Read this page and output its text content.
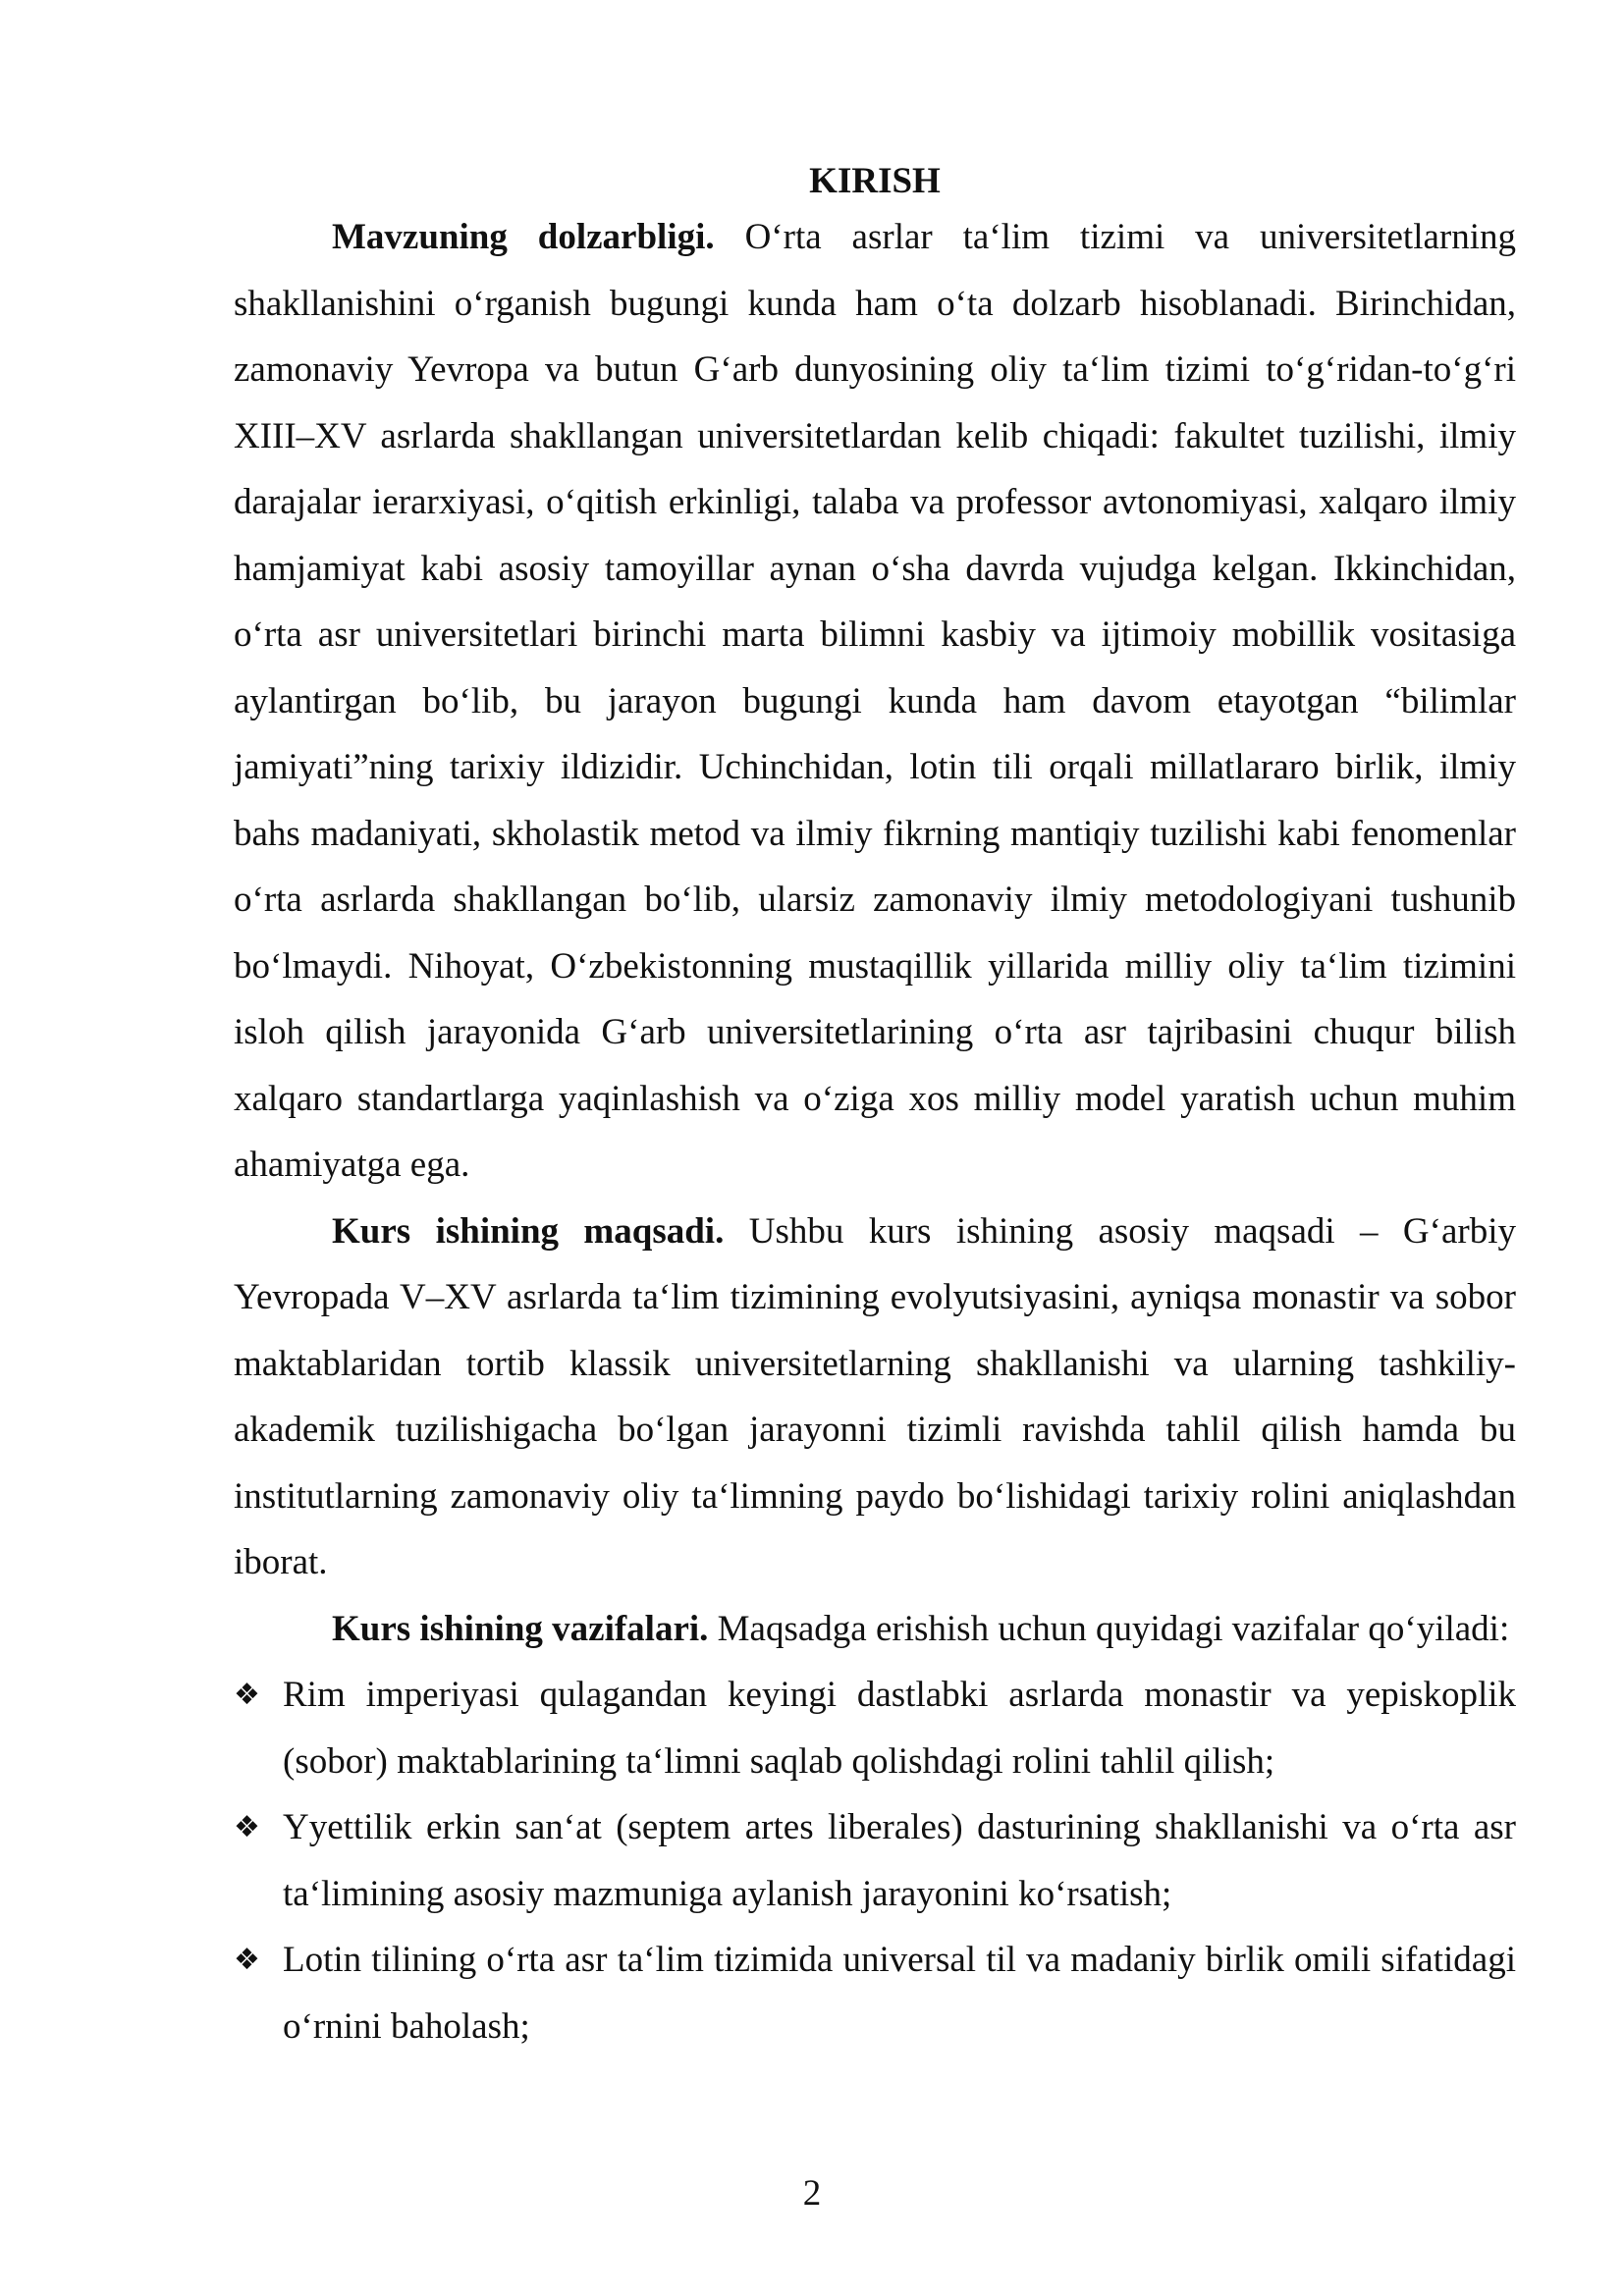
KIRISH

Mavzuning dolzarbligi. O‘rta asrlar ta‘lim tizimi va universitetlarning shakllanishini o‘rganish bugungi kunda ham o‘ta dolzarb hisoblanadi. Birinchidan, zamonaviy Yevropa va butun G‘arb dunyosining oliy ta‘lim tizimi to‘g‘ridan-to‘g‘ri XIII–XV asrlarda shakllangan universitetlardan kelib chiqadi: fakultet tuzilishi, ilmiy darajalar ierarxiyasi, o‘qitish erkinligi, talaba va professor avtonomiyasi, xalqaro ilmiy hamjamiyat kabi asosiy tamoyillar aynan o‘sha davrda vujudga kelgan. Ikkinchidan, o‘rta asr universitetlari birinchi marta bilimni kasbiy va ijtimoiy mobillik vositasiga aylantirgan bo‘lib, bu jarayon bugungi kunda ham davom etayotgan “bilimlar jamiyati”ning tarixiy ildizidir. Uchinchidan, lotin tili orqali millatlararo birlik, ilmiy bahs madaniyati, skholastik metod va ilmiy fikrning mantiqiy tuzilishi kabi fenomenlar o‘rta asrlarda shakllangan bo‘lib, ularsiz zamonaviy ilmiy metodologiyani tushunib bo‘lmaydi. Nihoyat, O‘zbekistonning mustaqillik yillarida milliy oliy ta‘lim tizimini isloh qilish jarayonida G‘arb universitetlarining o‘rta asr tajribasini chuqur bilish xalqaro standartlarga yaqinlashish va o‘ziga xos milliy model yaratish uchun muhim ahamiyatga ega.

Kurs ishining maqsadi. Ushbu kurs ishining asosiy maqsadi – G‘arbiy Yevropada V–XV asrlarda ta‘lim tizimining evolyutsiyasini, ayniqsa monastir va sobor maktablaridan tortib klassik universitetlarning shakllanishi va ularning tashkiliy-akademik tuzilishigacha bo‘lgan jarayonni tizimli ravishda tahlil qilish hamda bu institutlarning zamonaviy oliy ta‘limning paydo bo‘lishidagi tarixiy rolini aniqlashdan iborat.

Kurs ishining vazifalari. Maqsadga erishish uchun quyidagi vazifalar qo‘yiladi:

❖ Rim imperiyasi qulagandan keyingi dastlabki asrlarda monastir va yepiskoplik (sobor) maktablarining ta‘limni saqlab qolishdagi rolini tahlil qilish;
❖ Yyettilik erkin san‘at (septem artes liberales) dasturining shakllanishi va o‘rta asr ta‘limining asosiy mazmuniga aylanish jarayonini ko‘rsatish;
❖ Lotin tilining o‘rta asr ta‘lim tizimida universal til va madaniy birlik omili sifatidagi o‘rnini baholash;
2
